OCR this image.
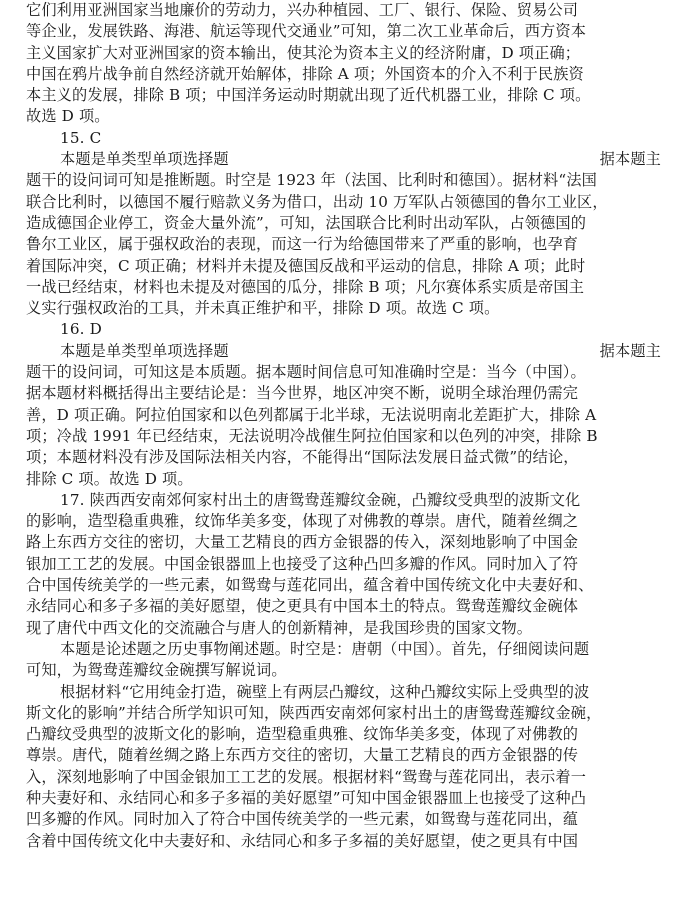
它们利用亚洲国家当地廉价的劳动力，兴办种植园、工厂、银行、保险、贸易公司
等企业，发展铁路、海港、航运等现代交通业”可知，第二次工业革命后，西方资本
主义国家扩大对亚洲国家的资本输出，使其沦为资本主义的经济附庸，D 项正确；
中国在鸦片战争前自然经济就开始解体，排除 A 项；外国资本的介入不利于民族资
本主义的发展，排除 B 项；中国洋务运动时期就出现了近代机器工业，排除 C 项。
故选 D 项。
15. C
本题是单类型单项选择题	据本题主
题干的设问词可知是推断题。时空是 1923 年（法国、比利时和德国）。据材料“法国
联合比利时，以德国不履行赔款义务为借口，出动 10 万军队占领德国的鲁尔工业区，
造成德国企业停工，资金大量外流”，可知，法国联合比利时出动军队，占领德国的
鲁尔工业区，属于强权政治的表现，而这一行为给德国带来了严重的影响，也孕育
着国际冲突，C 项正确；材料并未提及德国反战和平运动的信息，排除 A 项；此时
一战已经结束，材料也未提及对德国的瓜分，排除 B 项；凡尔赛体系实质是帝国主
义实行强权政治的工具，并未真正维护和平，排除 D 项。故选 C 项。
16. D
本题是单类型单项选择题	据本题主
题干的设问词，可知这是本质题。据本题时间信息可知准确时空是：当今（中国）。
据本题材料概括得出主要结论是：当今世界，地区冲突不断，说明全球治理仍需完
善，D 项正确。阿拉伯国家和以色列都属于北半球，无法说明南北差距扩大，排除 A
项；冷战 1991 年已经结束，无法说明冷战催生阿拉伯国家和以色列的冲突，排除 B
项；本题材料没有涉及国际法相关内容，不能得出“国际法发展日益式微”的结论，
排除 C 项。故选 D 项。
17. 陕西西安南郊何家村出土的唐鸳鸯莲瓣纹金碗，凸瓣纹受典型的波斯文化
的影响，造型稳重典雅，纹饰华美多变，体现了对佛教的尊崇。唐代，随着丝绸之
路上东西方交往的密切，大量工艺精良的西方金银器的传入，深刻地影响了中国金
银加工工艺的发展。中国金银器皿上也接受了这种凸凹多瓣的作风。同时加入了符
合中国传统美学的一些元素，如鸳鸯与莲花同出，蕴含着中国传统文化中夫妻好和、
永结同心和多子多福的美好愿望，使之更具有中国本土的特点。鸳鸯莲瓣纹金碗体
现了唐代中西文化的交流融合与唐人的创新精神，是我国珍贵的国家文物。
本题是论述题之历史事物阐述题。时空是：唐朝（中国）。首先，仔细阅读问题
可知，为鸳鸯莲瓣纹金碗撰写解说词。
根据材料“它用纯金打造，碗壁上有两层凸瓣纹，这种凸瓣纹实际上受典型的波
斯文化的影响”并结合所学知识可知，陕西西安南郊何家村出土的唐鸳鸯莲瓣纹金碗，
凸瓣纹受典型的波斯文化的影响，造型稳重典雅、纹饰华美多变，体现了对佛教的
尊崇。唐代，随着丝绸之路上东西方交往的密切，大量工艺精良的西方金银器的传
入，深刻地影响了中国金银加工工艺的发展。根据材料“鸳鸯与莲花同出，表示着一
种夫妻好和、永结同心和多子多福的美好愿望”可知中国金银器皿上也接受了这种凸
凹多瓣的作风。同时加入了符合中国传统美学的一些元素，如鸳鸯与莲花同出，蕴
含着中国传统文化中夫妻好和、永结同心和多子多福的美好愿望，使之更具有中国
